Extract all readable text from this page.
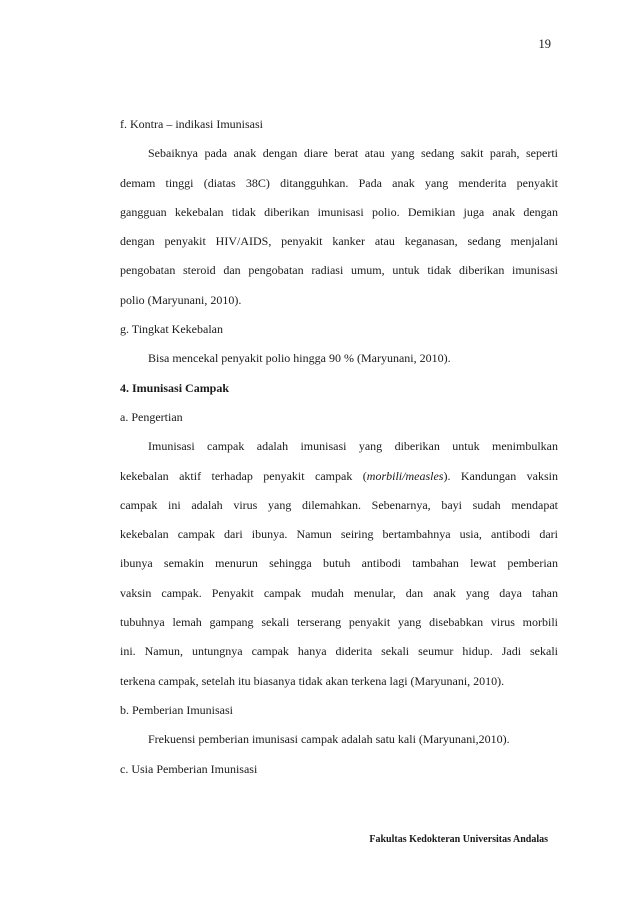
19
f. Kontra – indikasi Imunisasi
Sebaiknya pada anak dengan diare berat atau yang sedang sakit parah, seperti
demam tinggi (diatas 38C) ditangguhkan. Pada anak yang menderita penyakit
gangguan kekebalan tidak diberikan imunisasi polio. Demikian juga anak dengan
dengan penyakit HIV/AIDS, penyakit kanker atau keganasan, sedang menjalani
pengobatan steroid dan pengobatan radiasi umum, untuk tidak diberikan imunisasi
polio (Maryunani, 2010).
g. Tingkat Kekebalan
Bisa mencekal penyakit polio hingga 90 % (Maryunani, 2010).
4. Imunisasi Campak
a. Pengertian
Imunisasi campak adalah imunisasi yang diberikan untuk menimbulkan
kekebalan aktif terhadap penyakit campak (morbili/measles). Kandungan vaksin
campak ini adalah virus yang dilemahkan. Sebenarnya, bayi sudah mendapat
kekebalan campak dari ibunya. Namun seiring bertambahnya usia, antibodi dari
ibunya semakin menurun sehingga butuh antibodi tambahan lewat pemberian
vaksin campak. Penyakit campak mudah menular, dan anak yang daya tahan
tubuhnya lemah gampang sekali terserang penyakit yang disebabkan virus morbili
ini. Namun, untungnya campak hanya diderita sekali seumur hidup. Jadi sekali
terkena campak, setelah itu biasanya tidak akan terkena lagi (Maryunani, 2010).
b. Pemberian Imunisasi
Frekuensi pemberian imunisasi campak adalah satu kali (Maryunani,2010).
c. Usia Pemberian Imunisasi
Fakultas Kedokteran Universitas Andalas
